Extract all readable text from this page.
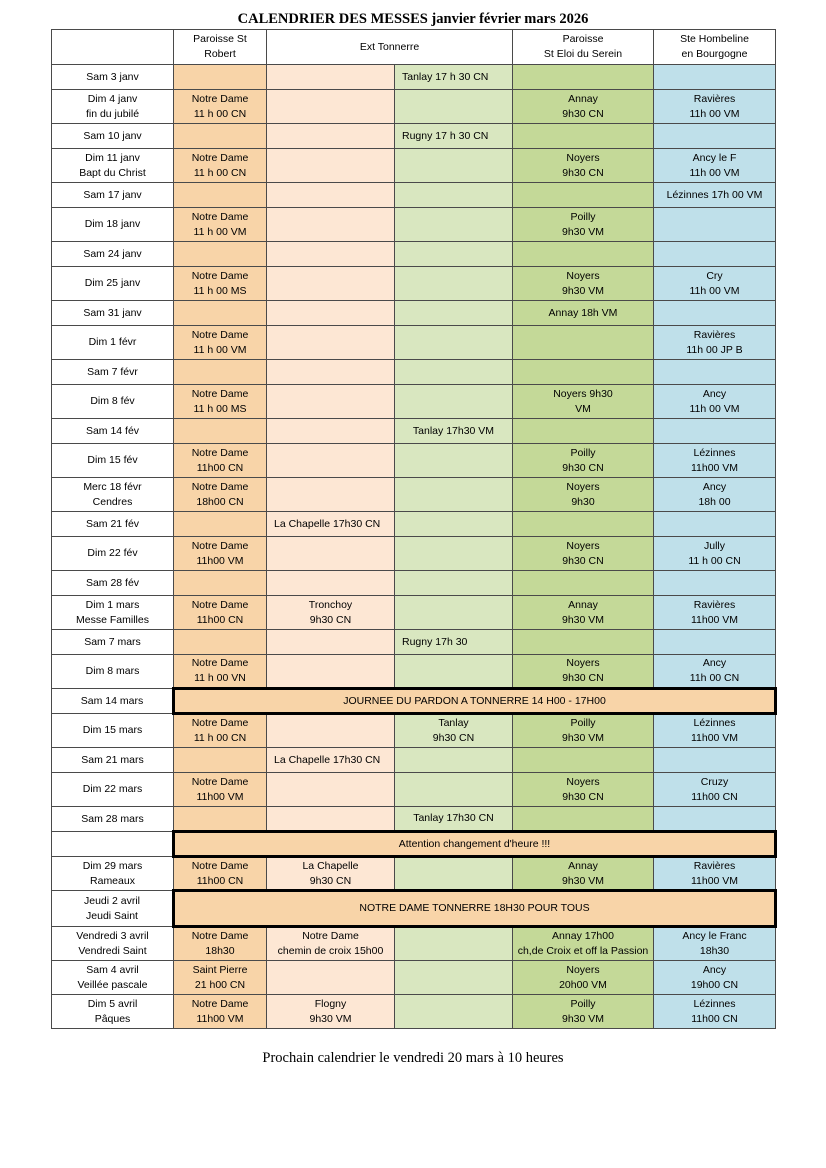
CALENDRIER DES MESSES janvier février mars 2026

	Paroisse St
Robert	Ext Tonnerre		Paroisse
St Eloi du Serein	Ste Hombeline
en Bourgogne

Sam 3 janv			Tanlay 17 h 30 CN		

Dim 4 janv
fin du jubilé	Notre Dame
11 h 00 CN			Annay
9h30 CN	Ravières
11h 00 VM

Sam 10 janv			Rugny 17 h 30 CN		

Dim 11 janv
Bapt du Christ	Notre Dame
11 h 00 CN			Noyers
9h30 CN	Ancy le F
11h 00 VM

Sam 17 janv					Lézinnes 17h 00 VM

Dim 18 janv	Notre Dame
11 h 00 VM			Poilly
9h30 VM	

Sam 24 janv					

Dim 25 janv	Notre Dame
11 h 00 MS			Noyers
9h30 VM	Cry
11h 00 VM

Sam 31 janv				Annay 18h VM	

Dim 1 févr	Notre Dame
11 h 00 VM				Ravières
11h 00 JP B

Sam 7 févr					

Dim 8 fév	Notre Dame
11 h 00 MS			Noyers 9h30
VM	Ancy
11h 00 VM

Sam 14 fév			Tanlay 17h30 VM		

Dim 15 fév	Notre Dame
11h00 CN			Poilly
9h30 CN	Lézinnes
11h00 VM

Merc 18 févr
Cendres	Notre Dame
18h00 CN			Noyers
9h30	Ancy
18h 00

Sam 21 fév		La Chapelle 17h30 CN			

Dim 22 fév	Notre Dame
11h00 VM			Noyers
9h30 CN	Jully
11 h 00 CN

Sam 28 fév					

Dim 1 mars
Messe Familles	Notre Dame
11h00 CN	Tronchoy
9h30 CN		Annay
9h30 VM	Ravières
11h00 VM

Sam 7 mars			Rugny 17h 30		

Dim 8 mars	Notre Dame
11 h 00 VN			Noyers
9h30 CN	Ancy
11h 00 CN

Sam 14 mars	JOURNEE DU PARDON A TONNERRE 14 H00 - 17H00				

Dim 15 mars	Notre Dame
11 h 00 CN		Tanlay
9h30 CN	Poilly
9h30 VM	Lézinnes
11h00 VM

Sam 21 mars		La Chapelle 17h30 CN			

Dim 22 mars	Notre Dame
11h00 VM			Noyers
9h30 CN	Cruzy
11h00 CN

Sam 28 mars			Tanlay 17h30 CN		

	Attention changement d'heure !!!				

Dim 29 mars
Rameaux	Notre Dame
11h00 CN	La Chapelle
9h30 CN		Annay
9h30 VM	Ravières
11h00 VM

Jeudi 2 avril
Jeudi Saint	NOTRE DAME TONNERRE 18H30 POUR TOUS				

Vendredi 3 avril
Vendredi Saint	Notre Dame
18h30	Notre Dame
chemin de croix 15h00		Annay 17h00
ch,de Croix et off la Passion	Ancy le Franc
18h30

Sam 4 avril
Veillée pascale	Saint Pierre
21 h00 CN			Noyers
20h00 VM	Ancy
19h00 CN

Dim 5 avril
Pâques	Notre Dame
11h00 VM	Flogny
9h30 VM		Poilly
9h30 VM	Lézinnes
11h00 CN
Prochain calendrier le vendredi 20 mars à 10 heures
